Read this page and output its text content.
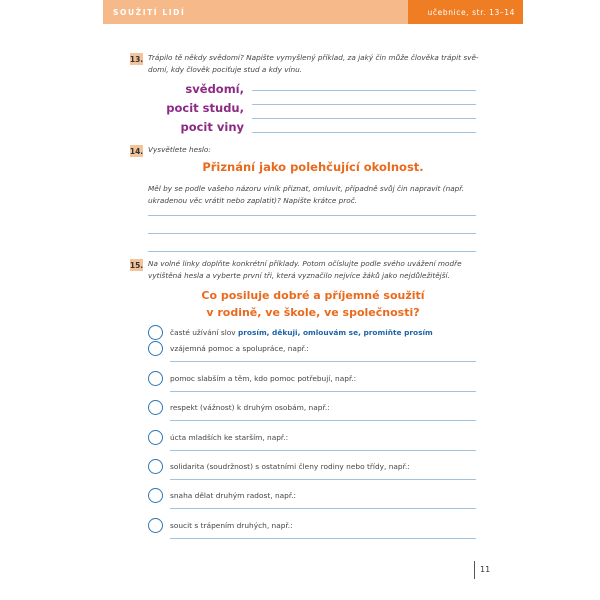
SOUŽITÍ LIDÍ	učebnice, str. 13–14
13. Trápilo tě někdy svědomí? Napište vymyšlený příklad, za jaký čin může člověka trápit svě-
domí, kdy člověk pociťuje stud a kdy vínu.
svědomí,
pocit studu,
pocit viny
14. Vysvětlete heslo:
Přiznání jako polehčující okolnost.
Měl by se podle vašeho názoru viník přiznat, omluvit, případně svůj čin napravit (např.
ukradenou věc vrátit nebo zaplatit)? Napište krátce proč.
15. Na volné linky doplňte konkrétní příklady. Potom očíslujte podle svého uvážení modře
vytištěná hesla a vyberte první tři, která vyznačilo nejvíce žáků jako nejdůležitější.
Co posiluje dobré a příjemné soužití
v rodině, ve škole, ve společnosti?
časté užívání slov prosím, děkuji, omlouvám se, promiňte prosím
vzájemná pomoc a spolupráce, např.:
pomoc slabším a těm, kdo pomoc potřebují, např.:
respekt (vážnost) k druhým osobám, např.:
úcta mladších ke starším, např.:
solidarita (soudržnost) s ostatními členy rodiny nebo třídy, např.:
snaha dělat druhým radost, např.:
soucit s trápením druhých, např.:
11
